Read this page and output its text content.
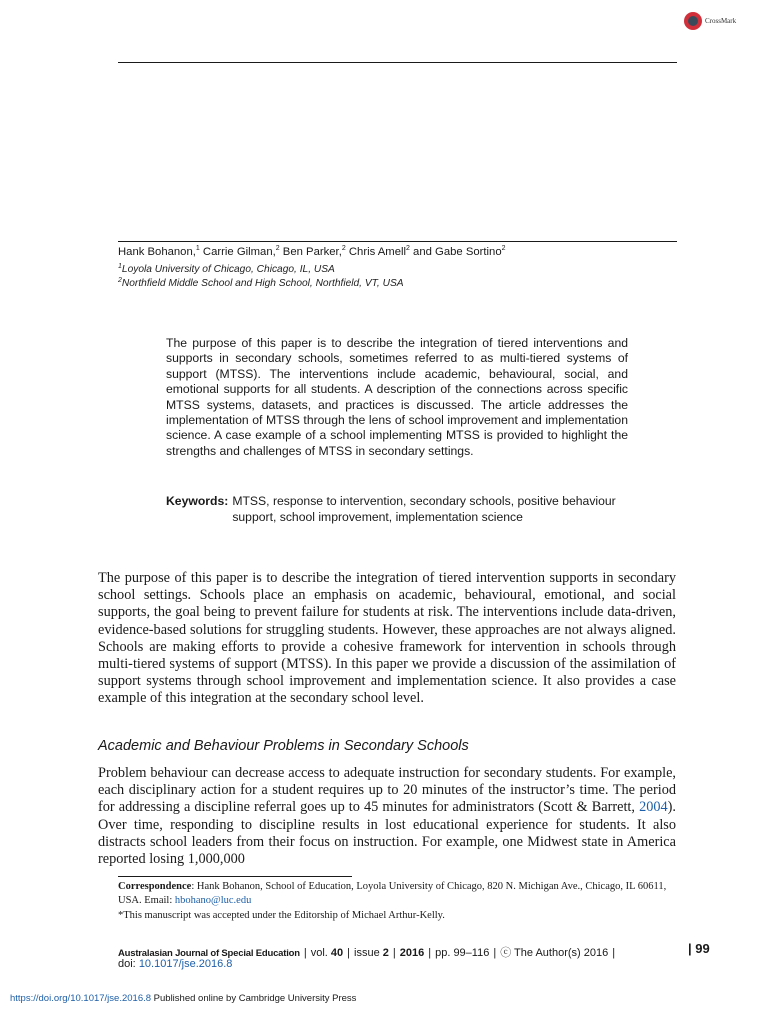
CrossMark
Hank Bohanon,$^1$ Carrie Gilman,$^2$ Ben Parker,$^2$ Chris Amell$^2$ and Gabe Sortino$^2$
$^1$Loyola University of Chicago, Chicago, IL, USA
$^2$Northfield Middle School and High School, Northfield, VT, USA
The purpose of this paper is to describe the integration of tiered interventions and supports in secondary schools, sometimes referred to as multi-tiered systems of support (MTSS). The interventions include academic, behavioural, social, and emotional supports for all students. A description of the connections across specific MTSS systems, datasets, and practices is discussed. The article addresses the implementation of MTSS through the lens of school improvement and implementation science. A case example of a school implementing MTSS is provided to highlight the strengths and challenges of MTSS in secondary settings.
Keywords: MTSS, response to intervention, secondary schools, positive behaviour support, school improvement, implementation science
The purpose of this paper is to describe the integration of tiered intervention supports in secondary school settings. Schools place an emphasis on academic, behavioural, emotional, and social supports, the goal being to prevent failure for students at risk. The interventions include data-driven, evidence-based solutions for struggling students. However, these approaches are not always aligned. Schools are making efforts to provide a cohesive framework for intervention in schools through multi-tiered systems of support (MTSS). In this paper we provide a discussion of the assimilation of support systems through school improvement and implementation science. It also provides a case example of this integration at the secondary school level.
Academic and Behaviour Problems in Secondary Schools
Problem behaviour can decrease access to adequate instruction for secondary students. For example, each disciplinary action for a student requires up to 20 minutes of the instructor’s time. The period for addressing a discipline referral goes up to 45 minutes for administrators (Scott & Barrett, 2004). Over time, responding to discipline results in lost educational experience for students. It also distracts school leaders from their focus on instruction. For example, one Midwest state in America reported losing 1,000,000
Correspondence: Hank Bohanon, School of Education, Loyola University of Chicago, 820 N. Michigan Ave., Chicago, IL 60611, USA. Email: hbohano@luc.edu
*This manuscript was accepted under the Editorship of Michael Arthur-Kelly.
Australasian Journal of Special Education | vol. 40 | issue 2 | 2016 | pp. 99–116 | ⓒ The Author(s) 2016 |
doi: 10.1017/jse.2016.8
| 99
https://doi.org/10.1017/jse.2016.8 Published online by Cambridge University Press
